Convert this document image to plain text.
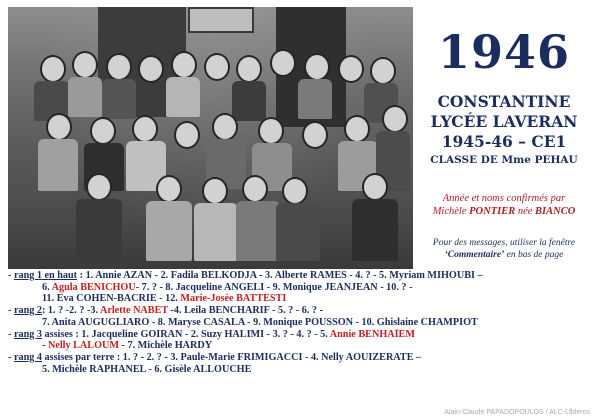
1946
CONSTANTINE
LYCÉE LAVERAN
1945-46 – CE1
CLASSE DE Mme PEHAU
Année et noms confirmés par
Michèle PONTIER née BIANCO
Pour des messages, utiliser la fenêtre
‘Commentaire’ en bas de page
- rang 1 en haut : 1. Annie AZAN - 2. Fadila BELKODJA - 3. Alberte RAMES - 4. ? - 5. Myriam MIHOUBI –
6. Agula BENICHOU- 7. ? - 8. Jacqueline ANGELI - 9. Monique JEANJEAN - 10. ? -
11. Eva COHEN-BACRIE - 12. Marie-Josée BATTESTI
- rang 2: 1. ? -2. ? -3. Arlette NABET -4. Leila BENCHARIF - 5. ? - 6. ? -
7. Anita AUGUGLIARO - 8. Maryse CASALA - 9. Monique POUSSON - 10. Ghislaine CHAMPIOT
- rang 3 assises : 1. Jacqueline GOIRAN - 2. Suzy HALIMI - 3. ? - 4. ? - 5. Annie BENHAÏEM
- Nelly LALOUM - 7. Michèle HARDY
- rang 4 assises par terre : 1. ? - 2. ? - 3. Paule-Marie FRIMIGACCI - 4. Nelly AOUIZERATE –
5. Michèle RAPHANEL - 6. Gisèle ALLOUCHE
Alain-Claude PAPADOPOULOS / ALC-Lfbleros
